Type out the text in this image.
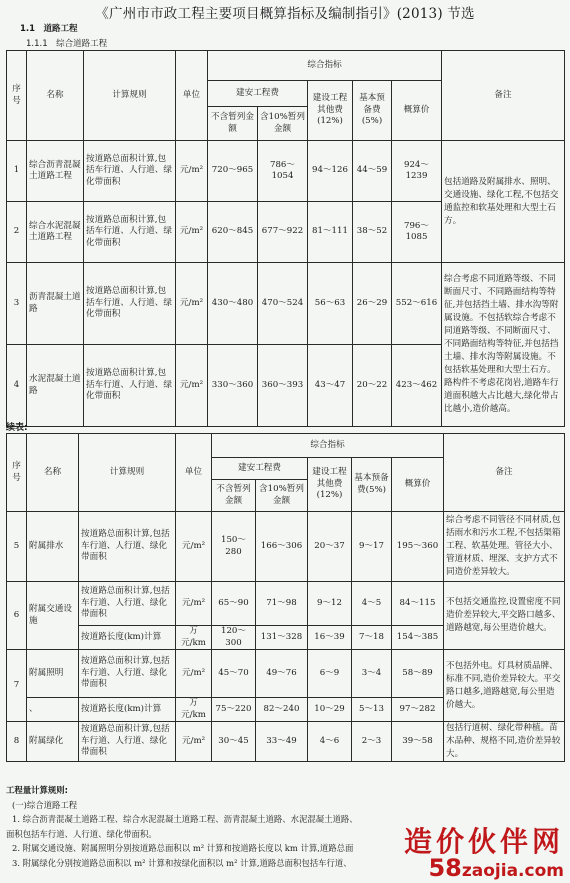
《广州市市政工程主要项目概算指标及编制指引》(2013) 节选
1.1　道路工程
1.1.1　综合道路工程
序号	名称	计算规则	单位	综合指标					备注
				建安工程费		建设工程其他费(12%)	基本预备费(5%)	概算价	
				不含暂列金额	含10%暂列金额				
1	综合沥青混凝土道路工程	按道路总面积计算,包括车行道、人行道、绿化带面积	元/m²	720～965	786～1054	94～126	44～59	924～1239	包括道路及附属排水、照明、交通设施、绿化工程,不包括交通监控和软基处理和大型土石方。
2	综合水泥混凝土道路工程	按道路总面积计算,包括车行道、人行道、绿化带面积	元/m²	620～845	677～922	81～111	38～52	796～1085	
3	沥青混凝土道路	按道路总面积计算,包括车行道、人行道、绿化带面积	元/m²	430～480	470～524	56～63	26～29	552～616	综合考虑不同道路等级、不同断面尺寸、不同路面结构等特征,并包括挡土墙、排水沟等附属设施。不包括软综合考虑不同道路等级、不同断面尺寸、不同路面结构等特征,并包括挡土墙、排水沟等附属设施。不包括软基处理和大型土石方。路构件不考虑花岗岩,道路车行道面积越大占比越大,绿化带占比越小,造价越高。
4	水泥混凝土道路	按道路总面积计算,包括车行道、人行道、绿化带面积	元/m²	330～360	360～393	43～47	20～22	423～462	
续表:
序号	名称	计算规则	单位	综合指标					备注
				建安工程费		建设工程其他费(12%)	基本预备费(5%)	概算价	
				不含暂列金额	含10%暂列金额				
5	附属排水	按道路总面积计算,包括车行道、人行道、绿化带面积	元/m²	150～280	166～306	20～37	9～17	195～360	综合考虑不同管径不同材质,包括雨水和污水工程,不包括渠箱工程、软基处理。管径大小、管道材质、埋深、支护方式不同造价差异较大。
6	附属交通设施	按道路总面积计算,包括车行道、人行道、绿化带面积	元/m²	65～90	71～98	9～12	4～5	84～115	不包括交通监控,设置密度不同造价差异较大,平交路口越多、道路越宽,每公里造价越大。
		按道路长度(km)计算	万元/km	120～300	131～328	16～39	7～18	154～385	
7	附属照明	按道路总面积计算,包括车行道、人行道、绿化带面积	元/m²	45～70	49～76	6～9	3～4	58～89	不包括外电。灯具材质品牌、标准不同,造价差异较大。平交路口越多,道路越宽,每公里造价越大。
	、	按道路长度(km)计算	万元/km	75～220	82～240	10～29	5～13	97～282	
8	附属绿化	按道路总面积计算,包括车行道、人行道、绿化带面积	元/m²	30～45	33～49	4～6	2～3	39～58	包括行道树、绿化带种植。苗木品种、规格不同,造价差异较大。
工程量计算规则:
(一)综合道路工程
1. 综合沥青混凝土道路工程、综合水泥混凝土道路工程、沥青混凝土道路、水泥混凝土道路、
面积包括车行道、人行道、绿化带面积。
2. 附属交通设施、附属照明分别按道路总面积以 m² 计算和按道路长度以 km 计算,道路总面
3. 附属绿化分别按道路总面积以 m² 计算和按绿化面积以 m² 计算,道路总面积包括车行道、
造价伙伴网
58zaojia.com
